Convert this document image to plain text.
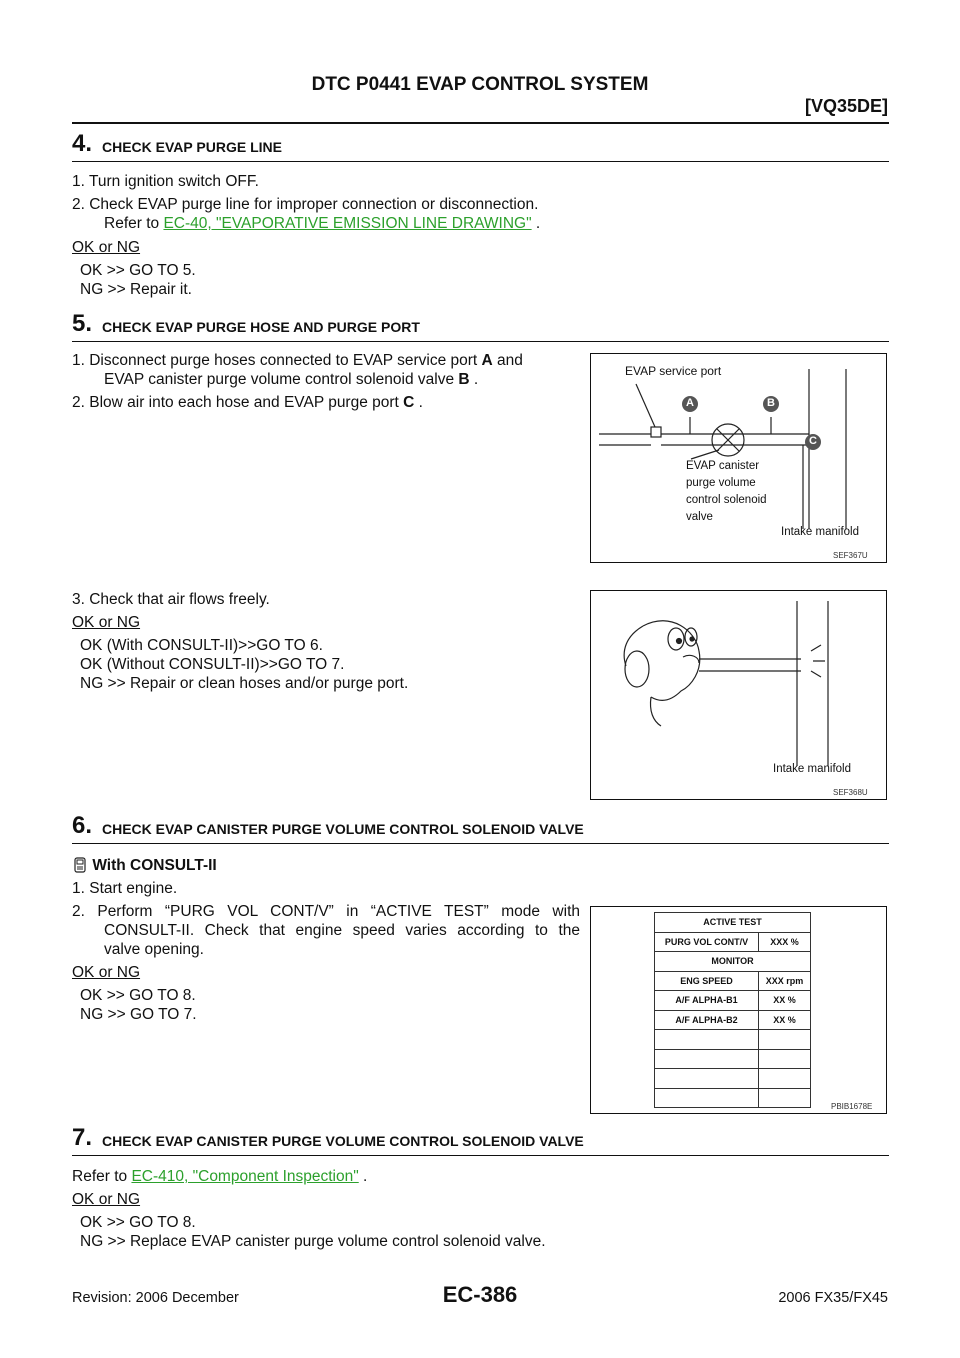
DTC P0441 EVAP CONTROL SYSTEM
[VQ35DE]
4. CHECK EVAP PURGE LINE
1. Turn ignition switch OFF.
2. Check EVAP purge line for improper connection or disconnection.
Refer to EC-40, "EVAPORATIVE EMISSION LINE DRAWING" .
OK or NG
OK >> GO TO 5.
NG >> Repair it.
5. CHECK EVAP PURGE HOSE AND PURGE PORT
1. Disconnect purge hoses connected to EVAP service port A and
EVAP canister purge volume control solenoid valve B .
2. Blow air into each hose and EVAP purge port C .
EVAP service port
A	B
C
EVAP canister
purge volume
control solenoid
valve
Intake manifold
SEF367U
3. Check that air flows freely.
OK or NG
OK (With CONSULT-II)>>GO TO 6.
OK (Without CONSULT-II)>>GO TO 7.
NG >> Repair or clean hoses and/or purge port.
Intake manifold
SEF368U
6. CHECK EVAP CANISTER PURGE VOLUME CONTROL SOLENOID VALVE
With CONSULT-II
1. Start engine.
2. Perform “PURG VOL CONT/V” in “ACTIVE TEST” mode with
CONSULT-II. Check that engine speed varies according to the
valve opening.
OK or NG
OK >> GO TO 8.
NG >> GO TO 7.
PBIB1678E
ACTIVE TEST	
PURG VOL CONT/V	XXX %
MONITOR	
ENG SPEED	XXX rpm
A/F ALPHA-B1	XX %
A/F ALPHA-B2	XX %

7. CHECK EVAP CANISTER PURGE VOLUME CONTROL SOLENOID VALVE
Refer to EC-410, "Component Inspection" .
OK or NG
OK >> GO TO 8.
NG >> Replace EVAP canister purge volume control solenoid valve.
EC-386
Revision: 2006 December	2006 FX35/FX45
